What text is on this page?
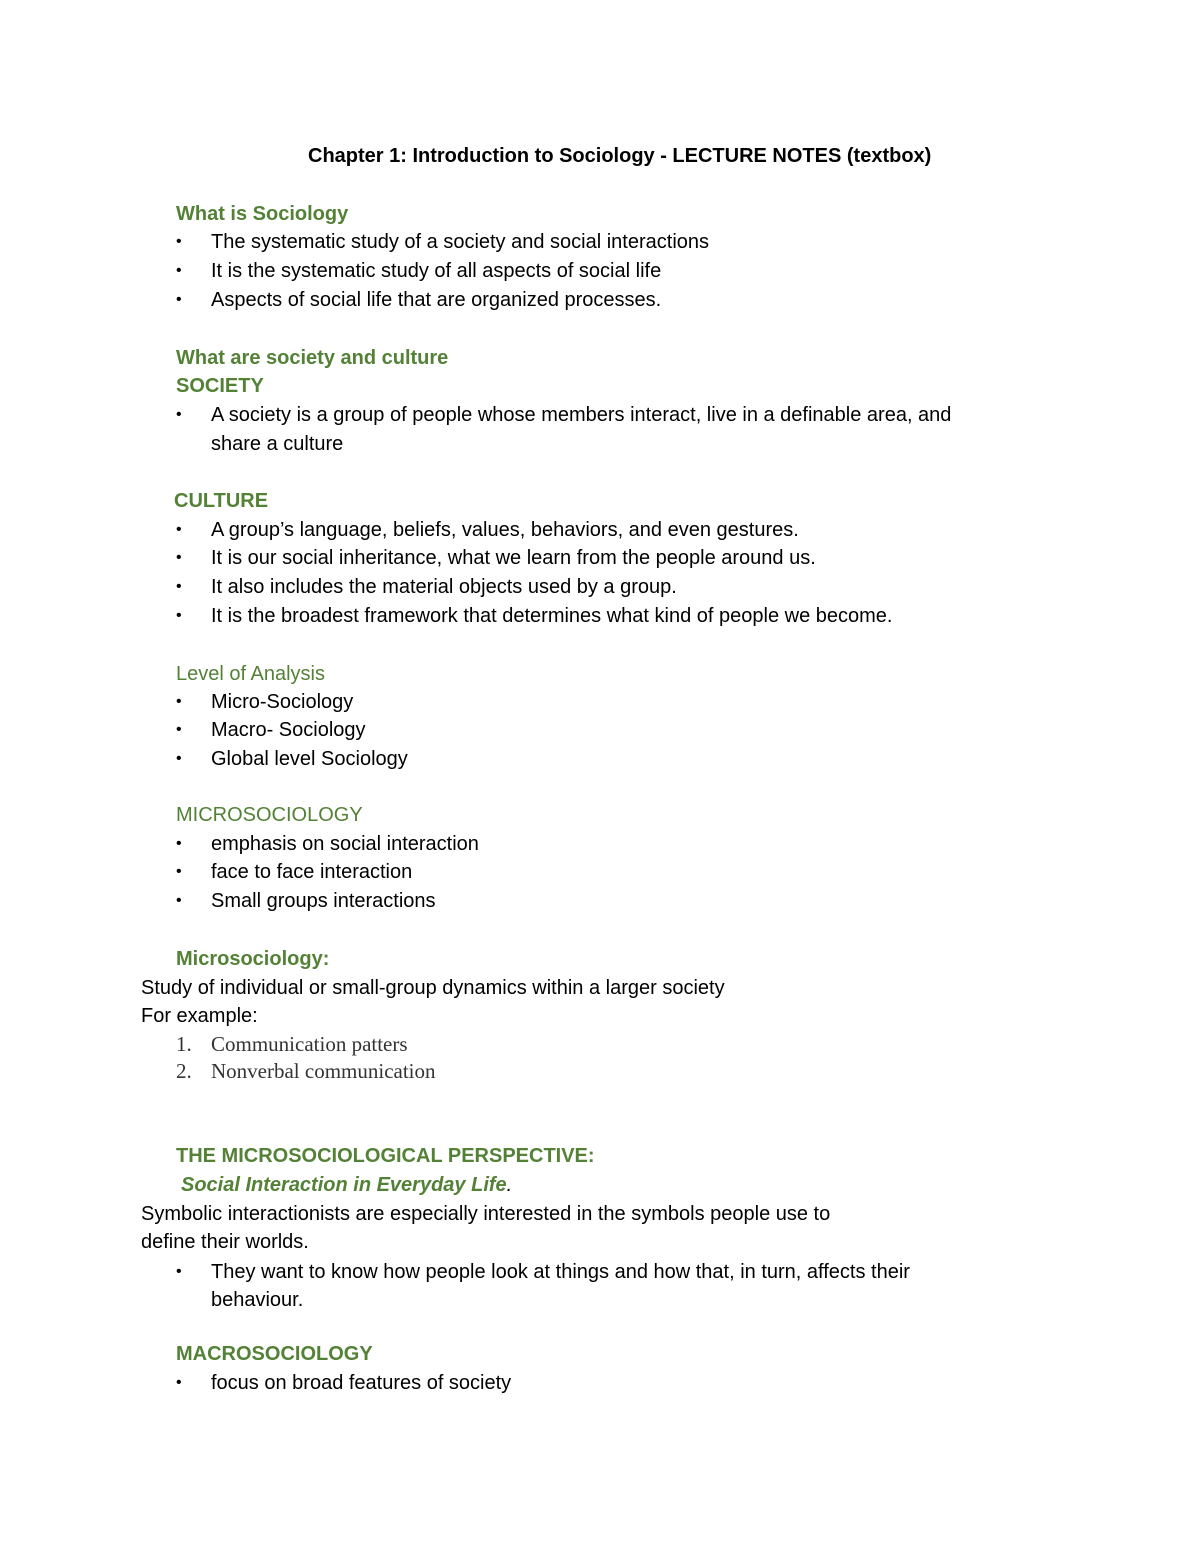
Chapter 1: Introduction to Sociology - LECTURE NOTES (textbox)

What is Sociology

• The systematic study of a society and social interactions

• It is the systematic study of all aspects of social life

• Aspects of social life that are organized processes.

What are society and culture

SOCIETY

• A society is a group of people whose members interact, live in a definable area, and

share a culture

CULTURE

• A group’s language, beliefs, values, behaviors, and even gestures.

• It is our social inheritance, what we learn from the people around us.

• It also includes the material objects used by a group.

• It is the broadest framework that determines what kind of people we become.

Level of Analysis

• Micro-Sociology

• Macro- Sociology

• Global level Sociology

MICROSOCIOLOGY

• emphasis on social interaction

• face to face interaction

• Small groups interactions

Microsociology:

Study of individual or small-group dynamics within a larger society

For example:

1. Communication patters

2. Nonverbal communication

THE MICROSOCIOLOGICAL PERSPECTIVE:

Social Interaction in Everyday Life.

Symbolic interactionists are especially interested in the symbols people use to

define their worlds.

• They want to know how people look at things and how that, in turn, affects their

behaviour.

MACROSOCIOLOGY

• focus on broad features of society
